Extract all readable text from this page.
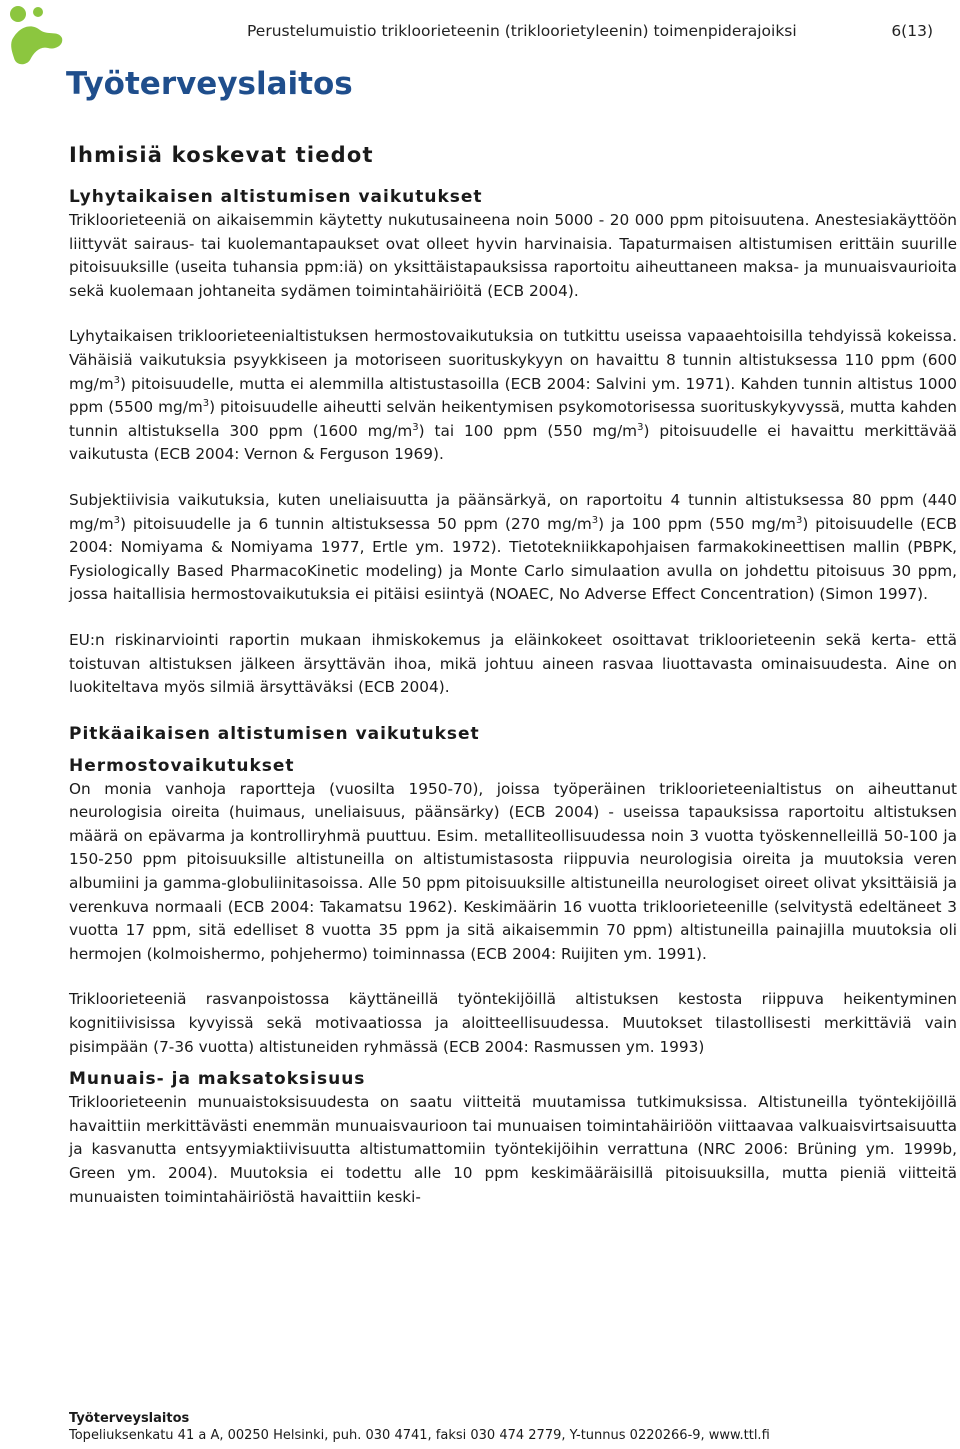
Työterveyslaitos
Perustelumuistio trikloorieteenin (trikloorietyleenin) toimenpiderajoiksi	6(13)
Ihmisiä koskevat tiedot
Lyhytaikaisen altistumisen vaikutukset

Trikloorieteeniä on aikaisemmin käytetty nukutusaineena noin 5000 - 20 000 ppm pitoisuutena. Anestesiakäyttöön liittyvät sairaus- tai kuolemantapaukset ovat olleet hyvin harvinaisia. Tapaturmaisen altistumisen erittäin suurille pitoisuuksille (useita tuhansia ppm:iä) on yksittäistapauksissa raportoitu aiheuttaneen maksa- ja munuaisvaurioita sekä kuolemaan johtaneita sydämen toimintahäiriöitä (ECB 2004).

Lyhytaikaisen trikloorieteenialtistuksen hermostovaikutuksia on tutkittu useissa vapaaehtoisilla tehdyissä kokeissa. Vähäisiä vaikutuksia psyykkiseen ja motoriseen suorituskykyyn on havaittu 8 tunnin altistuksessa 110 ppm (600 $mg/m^3$) pitoisuudelle, mutta ei alemmilla altistustasoilla (ECB 2004: Salvini ym. 1971). Kahden tunnin altistus 1000 ppm (5500 $mg/m^3$) pitoisuudelle aiheutti selvän heikentymisen psykomotorisessa suorituskykyvyssä, mutta kahden tunnin altistuksella 300 ppm (1600 $mg/m^3$) tai 100 ppm (550 $mg/m^3$) pitoisuudelle ei havaittu merkittävää vaikutusta (ECB 2004: Vernon & Ferguson 1969).

Subjektiivisia vaikutuksia, kuten uneliaisuutta ja päänsärkyä, on raportoitu 4 tunnin altistuksessa 80 ppm (440 $mg/m^3$) pitoisuudelle ja 6 tunnin altistuksessa 50 ppm (270 $mg/m^3$) ja 100 ppm (550 $mg/m^3$) pitoisuudelle (ECB 2004: Nomiyama & Nomiyama 1977, Ertle ym. 1972). Tietotekniikkapohjaisen farmakokineettisen mallin (PBPK, Fysiologically Based PharmacoKinetic modeling) ja Monte Carlo simulaation avulla on johdettu pitoisuus 30 ppm, jossa haitallisia hermostovaikutuksia ei pitäisi esiintyä (NOAEC, No Adverse Effect Concentration) (Simon 1997).

EU:n riskinarviointi raportin mukaan ihmiskokemus ja eläinkokeet osoittavat trikloorieteenin sekä kerta- että toistuvan altistuksen jälkeen ärsyttävän ihoa, mikä johtuu aineen rasvaa liuottavasta ominaisuudesta. Aine on luokiteltava myös silmiä ärsyttäväksi (ECB 2004).

Pitkäaikaisen altistumisen vaikutukset
Hermostovaikutukset

On monia vanhoja raportteja (vuosilta 1950-70), joissa työperäinen trikloorieteenialtistus on aiheuttanut neurologisia oireita (huimaus, uneliaisuus, päänsärky) (ECB 2004) - useissa tapauksissa raportoitu altistuksen määrä on epävarma ja kontrolliryhmä puuttuu. Esim. metalliteollisuudessa noin 3 vuotta työskennelleillä 50-100 ja 150-250 ppm pitoisuuksille altistuneilla on altistumistasosta riippuvia neurologisia oireita ja muutoksia veren albumiini ja gamma-globuliinitasoissa. Alle 50 ppm pitoisuuksille altistuneilla neurologiset oireet olivat yksittäisiä ja verenkuva normaali (ECB 2004: Takamatsu 1962). Keskimäärin 16 vuotta trikloorieteenille (selvitystä edeltäneet 3 vuotta 17 ppm, sitä edelliset 8 vuotta 35 ppm ja sitä aikaisemmin 70 ppm) altistuneilla painajilla muutoksia oli hermojen (kolmoishermo, pohjehermo) toiminnassa (ECB 2004: Ruijiten ym. 1991).

Trikloorieteeniä rasvanpoistossa käyttäneillä työntekijöillä altistuksen kestosta riippuva heikentyminen kognitiivisissa kyvyissä sekä motivaatiossa ja aloitteellisuudessa. Muutokset tilastollisesti merkittäviä vain pisimpään (7-36 vuotta) altistuneiden ryhmässä (ECB 2004: Rasmussen ym. 1993)

Munuais- ja maksatoksisuus

Trikloorieteenin munuaistoksisuudesta on saatu viitteitä muutamissa tutkimuksissa. Altistuneilla työntekijöillä havaittiin merkittävästi enemmän munuaisvaurioon tai munuaisen toimintahäiriöön viittaavaa valkuaisvirtsaisuutta ja kasvanutta entsyymiaktiivisuutta altistumattomiin työntekijöihin verrattuna (NRC 2006: Brüning ym. 1999b, Green ym. 2004). Muutoksia ei todettu alle 10 ppm keskimääräisillä pitoisuuksilla, mutta pieniä viitteitä munuaisten toimintahäiriöstä havaittiin keski-

Työterveyslaitos
Topeliuksenkatu 41 a A, 00250 Helsinki, puh. 030 4741, faksi 030 474 2779, Y-tunnus 0220266-9, www.ttl.fi
